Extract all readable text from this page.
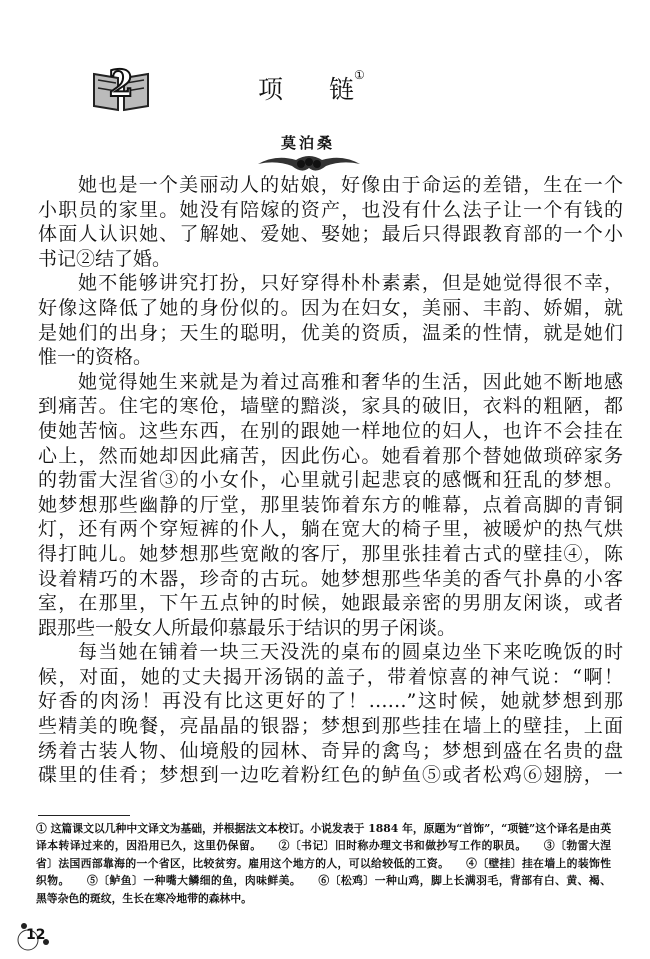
2	项 链①
莫泊桑
她也是一个美丽动人的姑娘，好像由于命运的差错，生在一个
小职员的家里。她没有陪嫁的资产，也没有什么法子让一个有钱的
体面人认识她、了解她、爱她、娶她；最后只得跟教育部的一个小
书记②结了婚。
她不能够讲究打扮，只好穿得朴朴素素，但是她觉得很不幸，
好像这降低了她的身份似的。因为在妇女，美丽、丰韵、娇媚，就
是她们的出身；天生的聪明，优美的资质，温柔的性情，就是她们
惟一的资格。
她觉得她生来就是为着过高雅和奢华的生活，因此她不断地感
到痛苦。住宅的寒伧，墙壁的黯淡，家具的破旧，衣料的粗陋，都
使她苦恼。这些东西，在别的跟她一样地位的妇人，也许不会挂在
心上，然而她却因此痛苦，因此伤心。她看着那个替她做琐碎家务
的勃雷大涅省③的小女仆，心里就引起悲哀的感慨和狂乱的梦想。
她梦想那些幽静的厅堂，那里装饰着东方的帷幕，点着高脚的青铜
灯，还有两个穿短裤的仆人，躺在宽大的椅子里，被暖炉的热气烘
得打盹儿。她梦想那些宽敞的客厅，那里张挂着古式的壁挂④，陈
设着精巧的木器，珍奇的古玩。她梦想那些华美的香气扑鼻的小客
室，在那里，下午五点钟的时候，她跟最亲密的男朋友闲谈，或者
跟那些一般女人所最仰慕最乐于结识的男子闲谈。
每当她在铺着一块三天没洗的桌布的圆桌边坐下来吃晚饭的时
候，对面，她的丈夫揭开汤锅的盖子，带着惊喜的神气说：“啊！
好香的肉汤！再没有比这更好的了！……”这时候，她就梦想到那
些精美的晚餐，亮晶晶的银器；梦想到那些挂在墙上的壁挂，上面
绣着古装人物、仙境般的园林、奇异的禽鸟；梦想到盛在名贵的盘
碟里的佳肴；梦想到一边吃着粉红色的鲈鱼⑤或者松鸡⑥翅膀，一
① 这篇课文以几种中文译文为基础，并根据法文本校订。小说发表于 1884 年，原题为“首饰”，“项链”这个译名是由英
译本转译过来的，因沿用已久，这里仍保留。　　②〔书记〕旧时称办理文书和做抄写工作的职员。　　③〔勃雷大涅
省〕法国西部靠海的一个省区，比较贫穷。雇用这个地方的人，可以给较低的工资。　　④〔壁挂〕挂在墙上的装饰性
织物。　　⑤〔鲈鱼〕一种嘴大鳞细的鱼，肉味鲜美。　　⑥〔松鸡〕一种山鸡，脚上长满羽毛，背部有白、黄、褐、
黑等杂色的斑纹，生长在寒冷地带的森林中。
12
